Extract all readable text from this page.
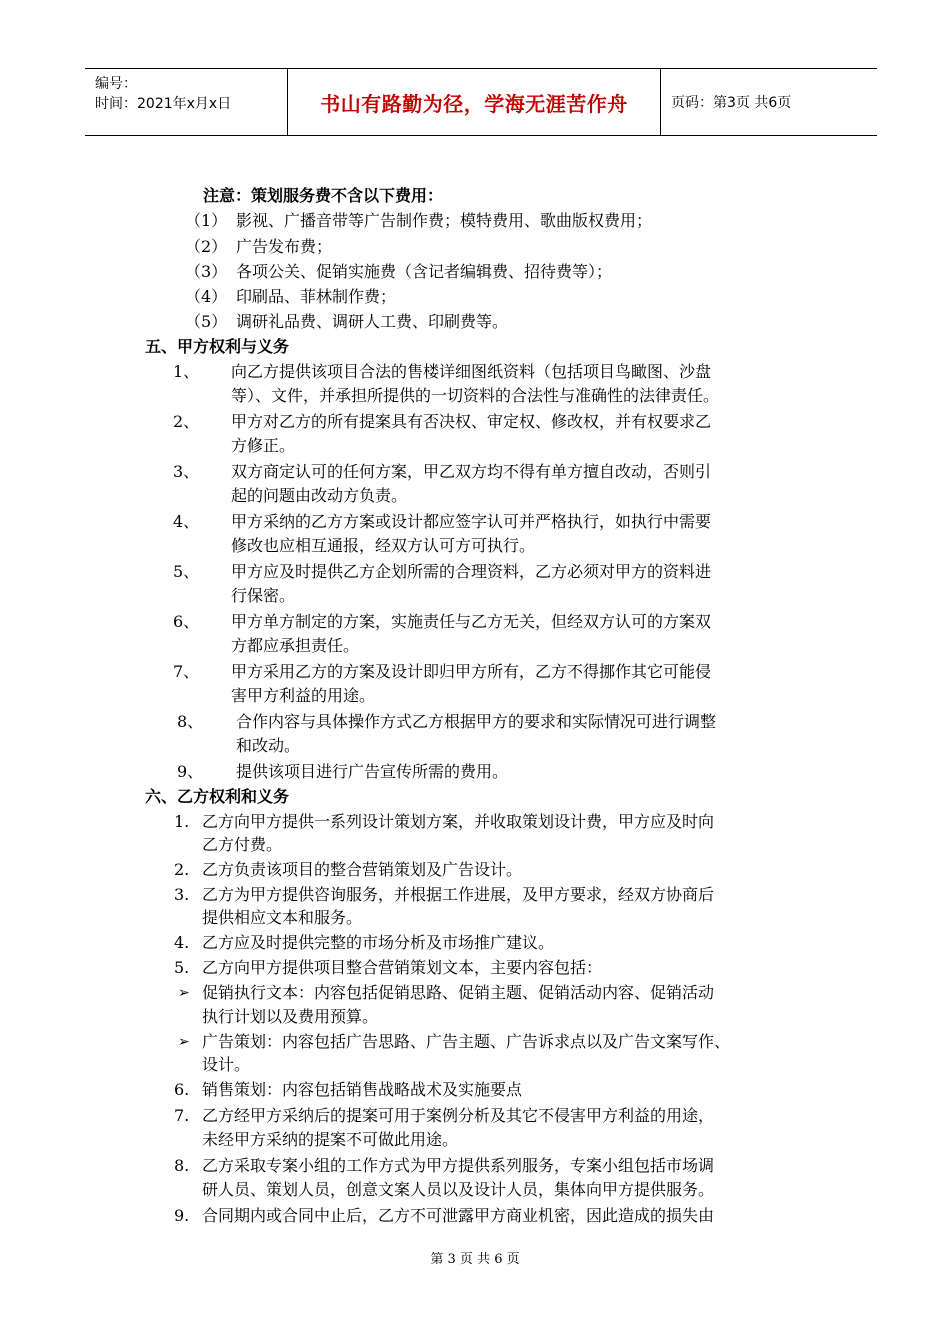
编号：
时间：2021年x月x日	书山有路勤为径，学海无涯苦作舟	页码：第3页 共6页
注意：策划服务费不含以下费用：
（1） 影视、广播音带等广告制作费；模特费用、歌曲版权费用；
（2） 广告发布费；
（3） 各项公关、促销实施费（含记者编辑费、招待费等）；
（4） 印刷品、菲林制作费；
（5） 调研礼品费、调研人工费、印刷费等。
五、甲方权利与义务
1、 向乙方提供该项目合法的售楼详细图纸资料（包括项目鸟瞰图、沙盘
等）、文件，并承担所提供的一切资料的合法性与准确性的法律责任。
2、 甲方对乙方的所有提案具有否决权、审定权、修改权，并有权要求乙
方修正。
3、 双方商定认可的任何方案，甲乙双方均不得有单方擅自改动，否则引
起的问题由改动方负责。
4、 甲方采纳的乙方方案或设计都应签字认可并严格执行，如执行中需要
修改也应相互通报，经双方认可方可执行。
5、 甲方应及时提供乙方企划所需的合理资料，乙方必须对甲方的资料进
行保密。
6、 甲方单方制定的方案，实施责任与乙方无关，但经双方认可的方案双
方都应承担责任。
7、 甲方采用乙方的方案及设计即归甲方所有，乙方不得挪作其它可能侵
害甲方利益的用途。
8、 合作内容与具体操作方式乙方根据甲方的要求和实际情况可进行调整
和改动。
9、 提供该项目进行广告宣传所需的费用。
六、乙方权利和义务
1. 乙方向甲方提供一系列设计策划方案，并收取策划设计费，甲方应及时向
乙方付费。
2. 乙方负责该项目的整合营销策划及广告设计。
3. 乙方为甲方提供咨询服务，并根据工作进展，及甲方要求，经双方协商后
提供相应文本和服务。
4. 乙方应及时提供完整的市场分析及市场推广建议。
5. 乙方向甲方提供项目整合营销策划文本，主要内容包括：
➢ 促销执行文本：内容包括促销思路、促销主题、促销活动内容、促销活动
执行计划以及费用预算。
➢ 广告策划：内容包括广告思路、广告主题、广告诉求点以及广告文案写作、
设计。
6. 销售策划：内容包括销售战略战术及实施要点
7. 乙方经甲方采纳后的提案可用于案例分析及其它不侵害甲方利益的用途，
未经甲方采纳的提案不可做此用途。
8. 乙方采取专案小组的工作方式为甲方提供系列服务，专案小组包括市场调
研人员、策划人员，创意文案人员以及设计人员，集体向甲方提供服务。
9. 合同期内或合同中止后，乙方不可泄露甲方商业机密，因此造成的损失由
第 3 页 共 6 页
